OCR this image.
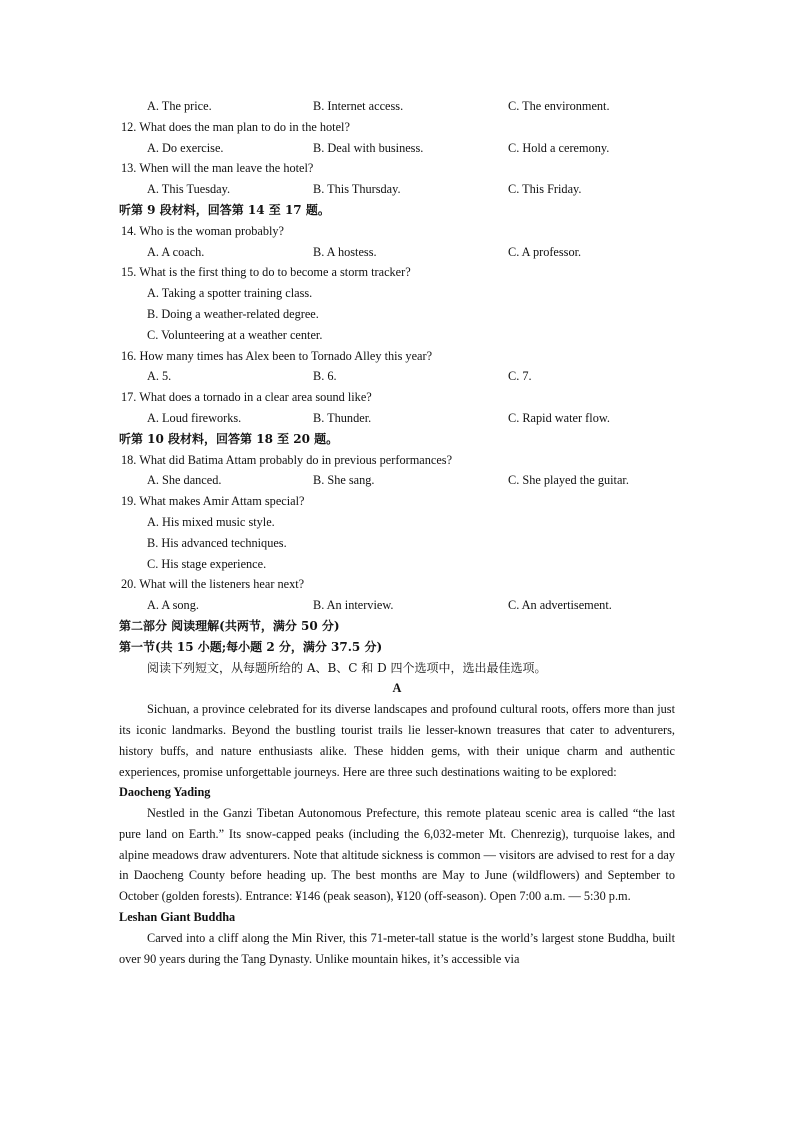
A. The price.	B. Internet access.	C. The environment.
12. What does the man plan to do in the hotel?
A. Do exercise.	B. Deal with business.	C. Hold a ceremony.
13. When will the man leave the hotel?
A. This Tuesday.	B. This Thursday.	C. This Friday.
听第 9 段材料，回答第 14 至 17 题。
14. Who is the woman probably?
A. A coach.	B. A hostess.	C. A professor.
15. What is the first thing to do to become a storm tracker?
A. Taking a spotter training class.
B. Doing a weather-related degree.
C. Volunteering at a weather center.
16. How many times has Alex been to Tornado Alley this year?
A. 5.	B. 6.	C. 7.
17. What does a tornado in a clear area sound like?
A. Loud fireworks.	B. Thunder.	C. Rapid water flow.
听第 10 段材料，回答第 18 至 20 题。
18. What did Batima Attam probably do in previous performances?
A. She danced.	B. She sang.	C. She played the guitar.
19. What makes Amir Attam special?
A. His mixed music style.
B. His advanced techniques.
C. His stage experience.
20. What will the listeners hear next?
A. A song.	B. An interview.	C. An advertisement.
第二部分 阅读理解(共两节，满分 50 分)
第一节(共 15 小题;每小题 2 分，满分 37.5 分)
阅读下列短文，从每题所给的 A、B、C 和 D 四个选项中，选出最佳选项。
A
Sichuan, a province celebrated for its diverse landscapes and profound cultural roots, offers more than just its iconic landmarks. Beyond the bustling tourist trails lie lesser-known treasures that cater to adventurers, history buffs, and nature enthusiasts alike. These hidden gems, with their unique charm and authentic experiences, promise unforgettable journeys. Here are three such destinations waiting to be explored:
Daocheng Yading
Nestled in the Ganzi Tibetan Autonomous Prefecture, this remote plateau scenic area is called “the last pure land on Earth.” Its snow-capped peaks (including the 6,032-meter Mt. Chenrezig), turquoise lakes, and alpine meadows draw adventurers. Note that altitude sickness is common — visitors are advised to rest for a day in Daocheng County before heading up. The best months are May to June (wildflowers) and September to October (golden forests). Entrance: ¥146 (peak season), ¥120 (off-season). Open 7:00 a.m. — 5:30 p.m.
Leshan Giant Buddha
Carved into a cliff along the Min River, this 71-meter-tall statue is the world’s largest stone Buddha, built over 90 years during the Tang Dynasty. Unlike mountain hikes, it’s accessible via
